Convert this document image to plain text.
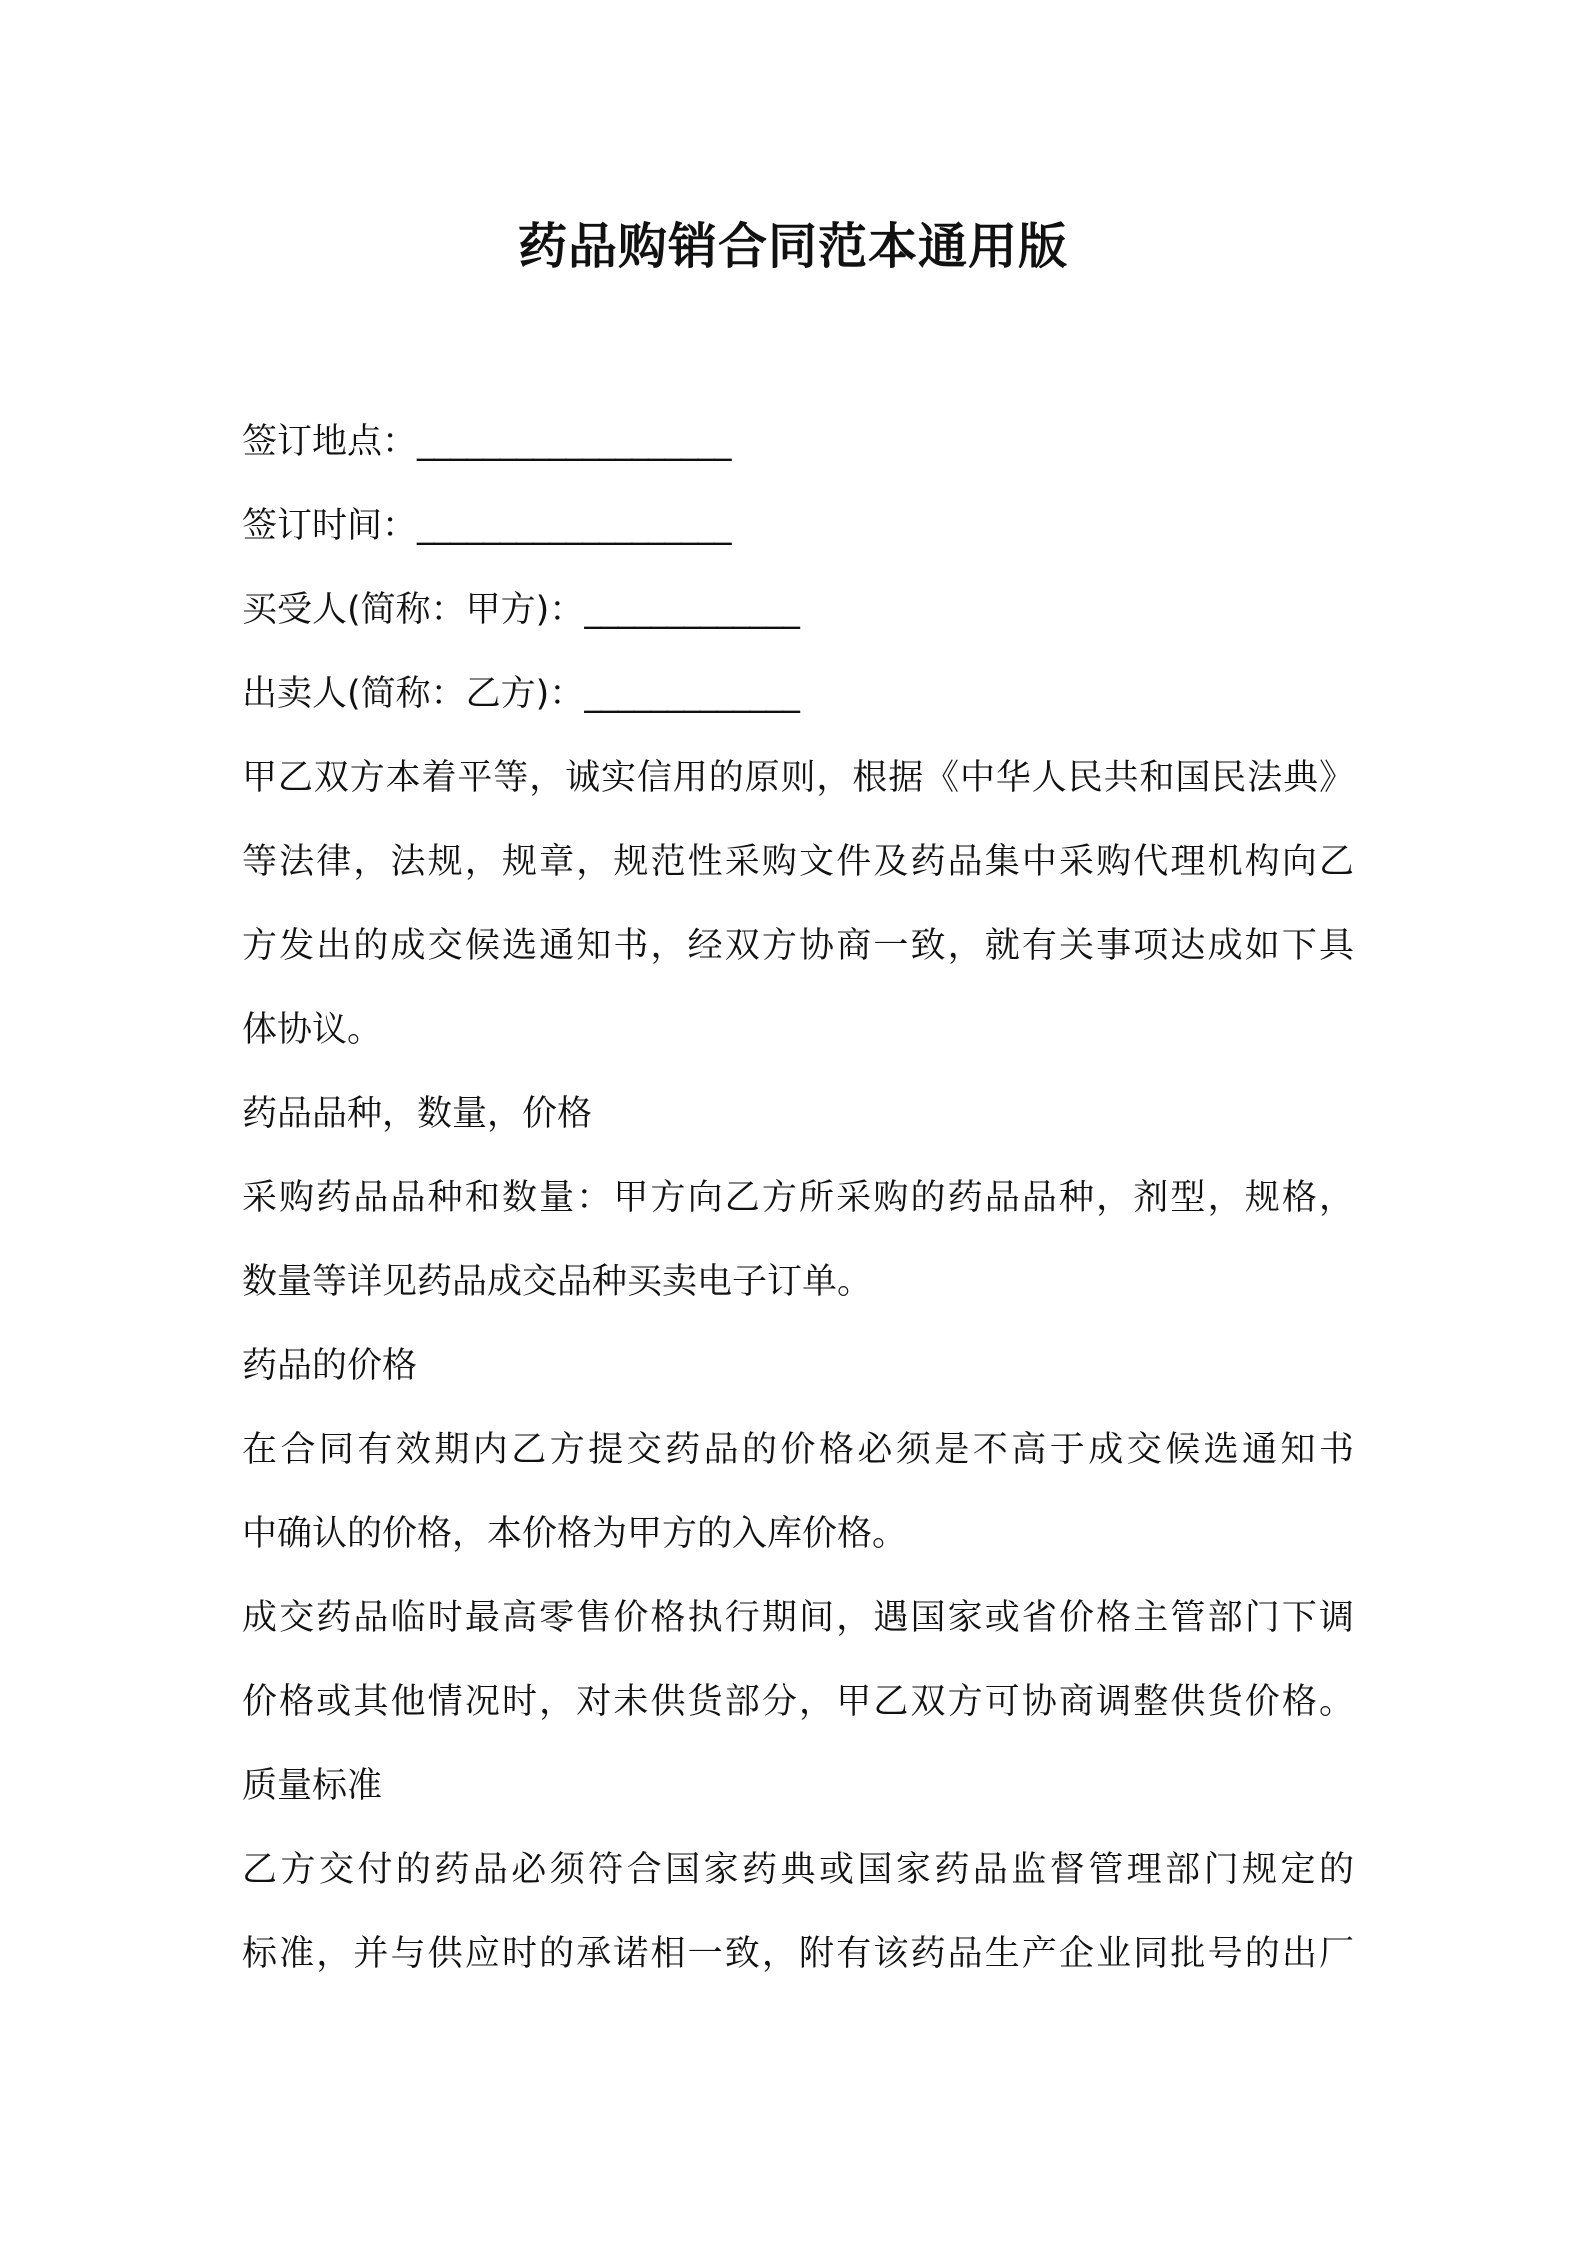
药品购销合同范本通用版
签订地点：___________________
签订时间：___________________
买受人(简称：甲方)：_____________
出卖人(简称：乙方)：_____________
甲乙双方本着平等，诚实信用的原则，根据《中华人民共和国民法典》
等法律，法规，规章，规范性采购文件及药品集中采购代理机构向乙
方发出的成交候选通知书，经双方协商一致，就有关事项达成如下具
体协议。
药品品种，数量，价格
采购药品品种和数量：甲方向乙方所采购的药品品种，剂型，规格，
数量等详见药品成交品种买卖电子订单。
药品的价格
在合同有效期内乙方提交药品的价格必须是不高于成交候选通知书
中确认的价格，本价格为甲方的入库价格。
成交药品临时最高零售价格执行期间，遇国家或省价格主管部门下调
价格或其他情况时，对未供货部分，甲乙双方可协商调整供货价格。
质量标准
乙方交付的药品必须符合国家药典或国家药品监督管理部门规定的
标准，并与供应时的承诺相一致，附有该药品生产企业同批号的出厂
